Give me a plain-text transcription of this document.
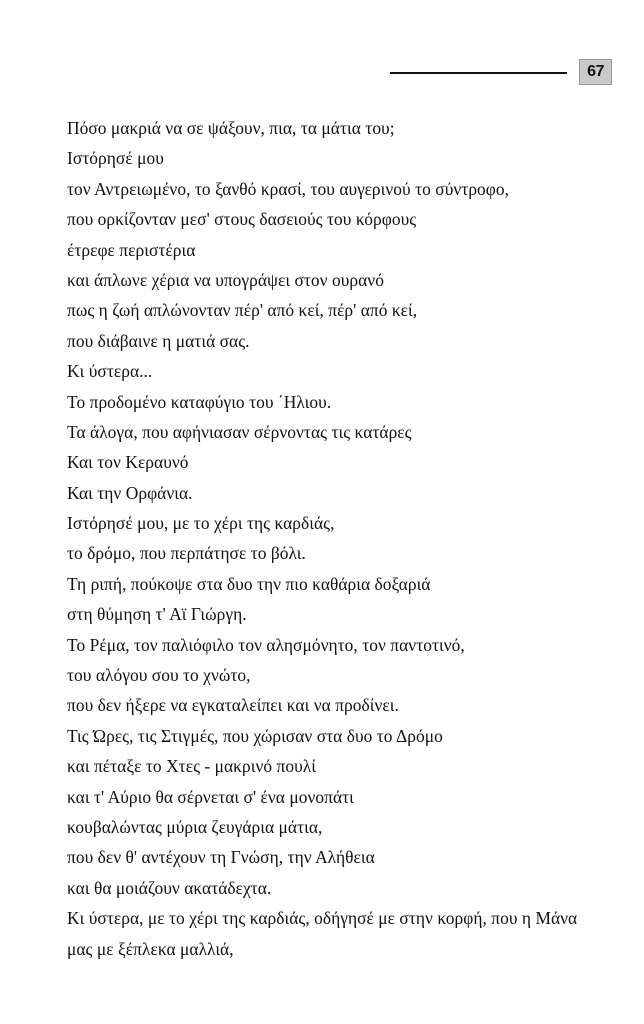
67
Πόσο μακριά να σε ψάξουν, πια, τα μάτια του;
Ιστόρησέ μου
τον Αντρειωμένο, το ξανθό κρασί, του αυγερινού το σύντροφο,
που ορκίζονταν μεσ' στους δασειούς του κόρφους
έτρεφε περιστέρια
και άπλωνε χέρια να υπογράψει στον ουρανό
πως η ζωή απλώνονταν πέρ' από κεί, πέρ' από κεί,
που διάβαινε η ματιά σας.
Κι ύστερα...
Το προδομένο καταφύγιο του ΄Ηλιου.
Τα άλογα, που αφήνιασαν σέρνοντας τις κατάρες
Και τον Κεραυνό
Και την Ορφάνια.
Ιστόρησέ μου, με το χέρι της καρδιάς,
το δρόμο, που περπάτησε το βόλι.
Τη ριπή, πούκοψε στα δυο την πιο καθάρια δοξαριά
στη θύμηση τ' Αϊ Γιώργη.
Το Ρέμα, τον παλιόφιλο τον αλησμόνητο, τον παντοτινό,
του αλόγου σου το χνώτο,
που δεν ήξερε να εγκαταλείπει και να προδίνει.
Τις Ώρες, τις Στιγμές, που χώρισαν στα δυο το Δρόμο
και πέταξε το Χτες - μακρινό πουλί
και τ' Αύριο θα σέρνεται σ' ένα μονοπάτι
κουβαλώντας μύρια ζευγάρια μάτια,
που δεν θ' αντέχουν τη Γνώση, την Αλήθεια
και θα μοιάζουν ακατάδεχτα.
Κι ύστερα, με το χέρι της καρδιάς, οδήγησέ με στην κορφή, που η Μάνα
μας με ξέπλεκα μαλλιά,
